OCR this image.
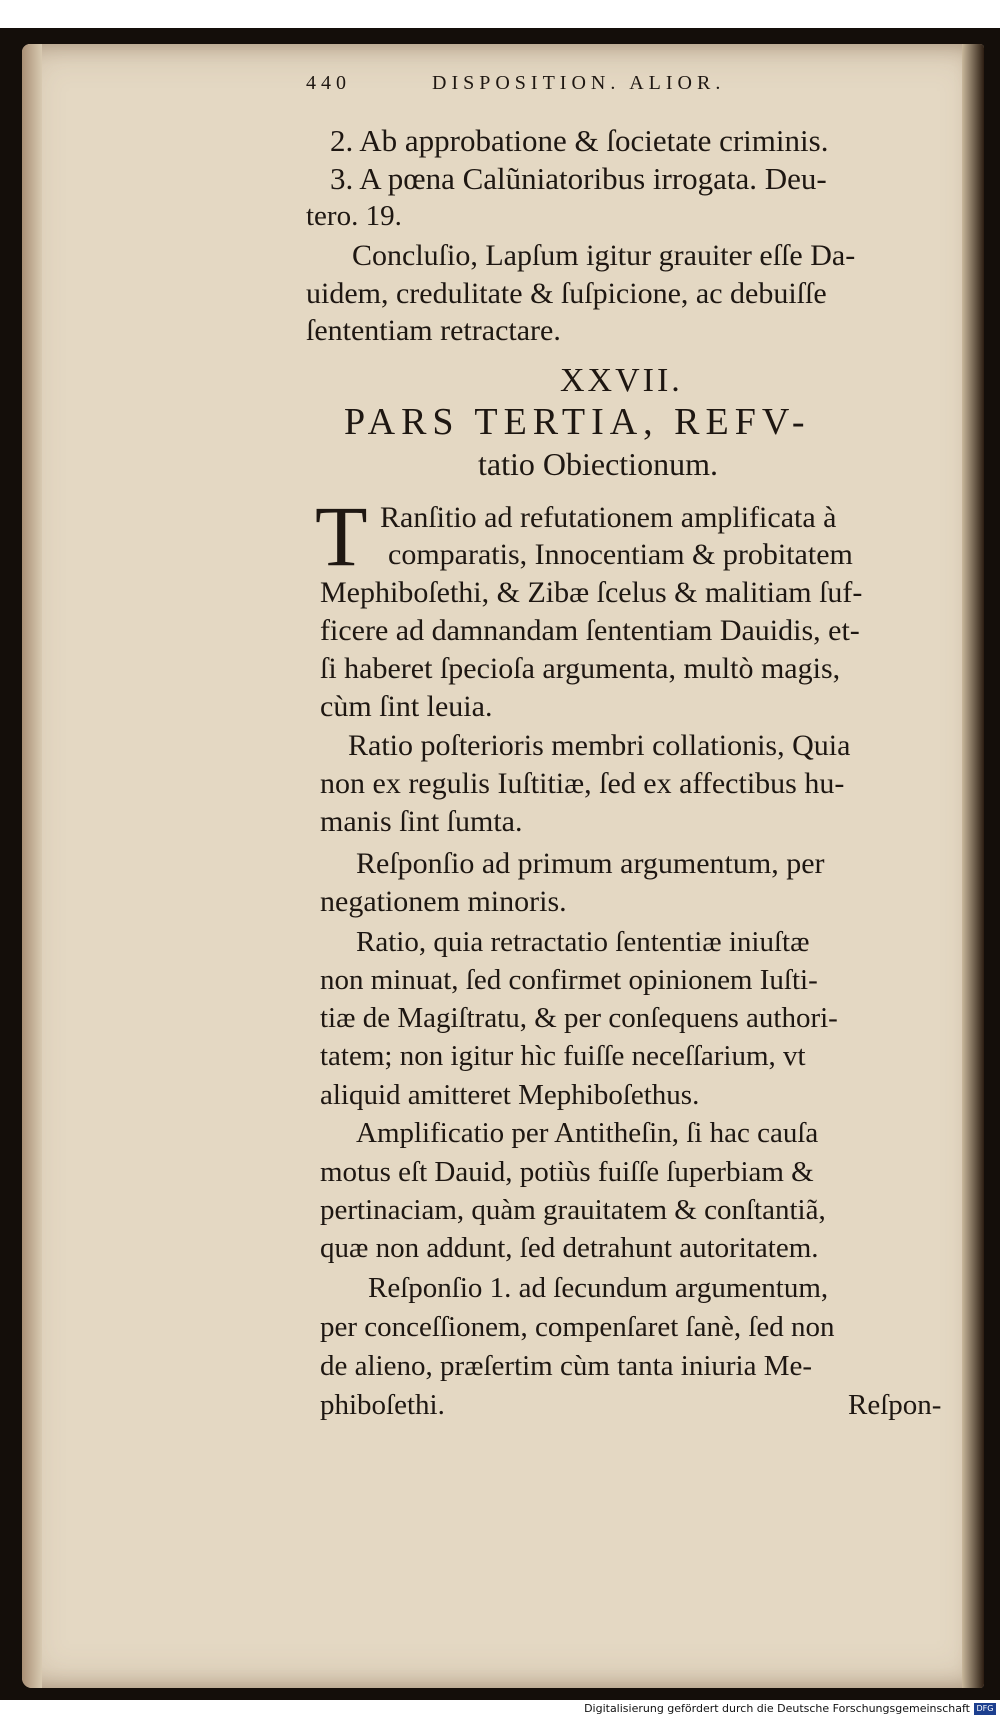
440	DISPOSITION. ALIOR.
2. Ab approbatione & ſocietate criminis.
3. A pœna Calũniatoribus irrogata. Deu-
tero. 19.
Concluſio, Lapſum igitur grauiter eſſe Da-
uidem, credulitate & ſuſpicione, ac debuiſſe
ſententiam retractare.
XXVII.
PARS TERTIA, REFV-
tatio Obiectionum.
T Ranſitio ad refutationem amplificata à
comparatis, Innocentiam & probitatem
Mephiboſethi, & Zibæ ſcelus & malitiam ſuf-
ficere ad damnandam ſententiam Dauidis, et-
ſi haberet ſpecioſa argumenta, multò magis,
cùm ſint leuia.
Ratio poſterioris membri collationis, Quia
non ex regulis Iuſtitiæ, ſed ex affectibus hu-
manis ſint ſumta.
Reſponſio ad primum argumentum, per
negationem minoris.
Ratio, quia retractatio ſententiæ iniuſtæ
non minuat, ſed confirmet opinionem Iuſti-
tiæ de Magiſtratu, & per conſequens authori-
tatem; non igitur hìc fuiſſe neceſſarium, vt
aliquid amitteret Mephiboſethus.
Amplificatio per Antitheſin, ſi hac cauſa
motus eſt Dauid, potiùs fuiſſe ſuperbiam &
pertinaciam, quàm grauitatem & conſtantiã,
quæ non addunt, ſed detrahunt autoritatem.
Reſponſio 1. ad ſecundum argumentum,
per conceſſionem, compenſaret ſanè, ſed non
de alieno, præſertim cùm tanta iniuria Me-
phiboſethi.	Reſpon-
Digitalisierung gefördert durch die Deutsche Forschungsgemeinschaft DFG
